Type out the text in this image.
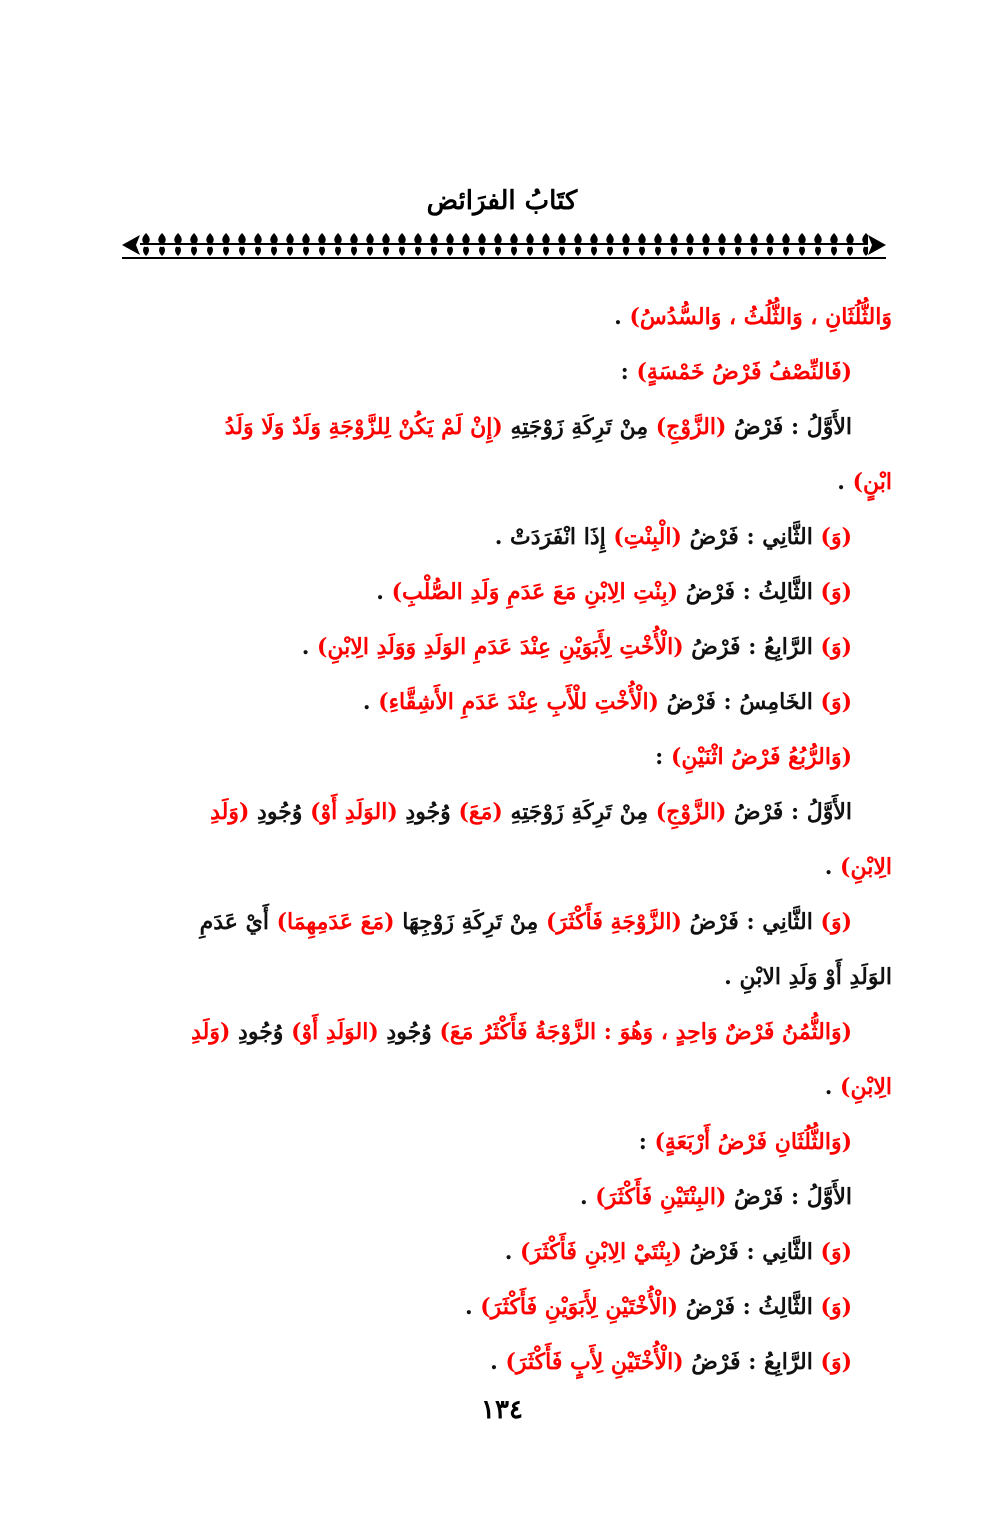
كتَابُ الفرَائض

وَالثُّلُثَانِ ، وَالثُّلُثُ ، وَالسُّدُسُ) .

(فَالنِّصْفُ فَرْضُ خَمْسَةٍ) :

الأَوَّلُ : فَرْضُ (الزَّوْجِ) مِنْ تَرِكَةِ زَوْجَتِهِ (إِنْ لَمْ يَكُنْ لِلزَّوْجَةِ وَلَدٌ وَلَا وَلَدُ

ابْنٍ) .

(وَ) الثَّانِي : فَرْضُ (الْبِنْتِ) إِذَا انْفَرَدَتْ .

(وَ) الثَّالِثُ : فَرْضُ (بِنْتِ الِابْنِ مَعَ عَدَمِ وَلَدِ الصُّلْبِ) .

(وَ) الرَّابِعُ : فَرْضُ (الْأُخْتِ لِأَبَوَيْنِ عِنْدَ عَدَمِ الوَلَدِ وَوَلَدِ الِابْنِ) .

(وَ) الخَامِسُ : فَرْضُ (الْأُخْتِ للْأَبِ عِنْدَ عَدَمِ الأَشِقَّاءِ) .

(وَالرُّبُعُ فَرْضُ اثْنَيْنِ) :

الأَوَّلُ : فَرْضُ (الزَّوْجِ) مِنْ تَرِكَةِ زَوْجَتِهِ (مَعَ) وُجُودِ (الوَلَدِ أَوْ) وُجُودِ (وَلَدِ

الِابْنِ) .

(وَ) الثَّانِي : فَرْضُ (الزَّوْجَةِ فَأَكْثَرَ) مِنْ تَرِكَةِ زَوْجِهَا (مَعَ عَدَمِهِمَا) أَيْ عَدَمِ

الوَلَدِ أَوْ وَلَدِ الابْنِ .

(وَالثُّمُنُ فَرْضٌ وَاحِدٍ ، وَهُوَ : الزَّوْجَةُ فَأَكْثَرُ مَعَ) وُجُودِ (الوَلَدِ أَوْ) وُجُودِ (وَلَدِ

الِابْنِ) .

(وَالثُّلُثَانِ فَرْضُ أَرْبَعَةٍ) :

الأَوَّلُ : فَرْضُ (البِنْتَيْنِ فَأَكْثَرَ) .

(وَ) الثَّانِي : فَرْضُ (بِنْتَيْ الِابْنِ فَأَكْثَرَ) .

(وَ) الثَّالِثُ : فَرْضُ (الْأُخْتَيْنِ لِأَبَوَيْنِ فَأَكْثَرَ) .

(وَ) الرَّابِعُ : فَرْضُ (الْأُخْتَيْنِ لِأَبٍ فَأَكْثَرَ) .

١٣٤
